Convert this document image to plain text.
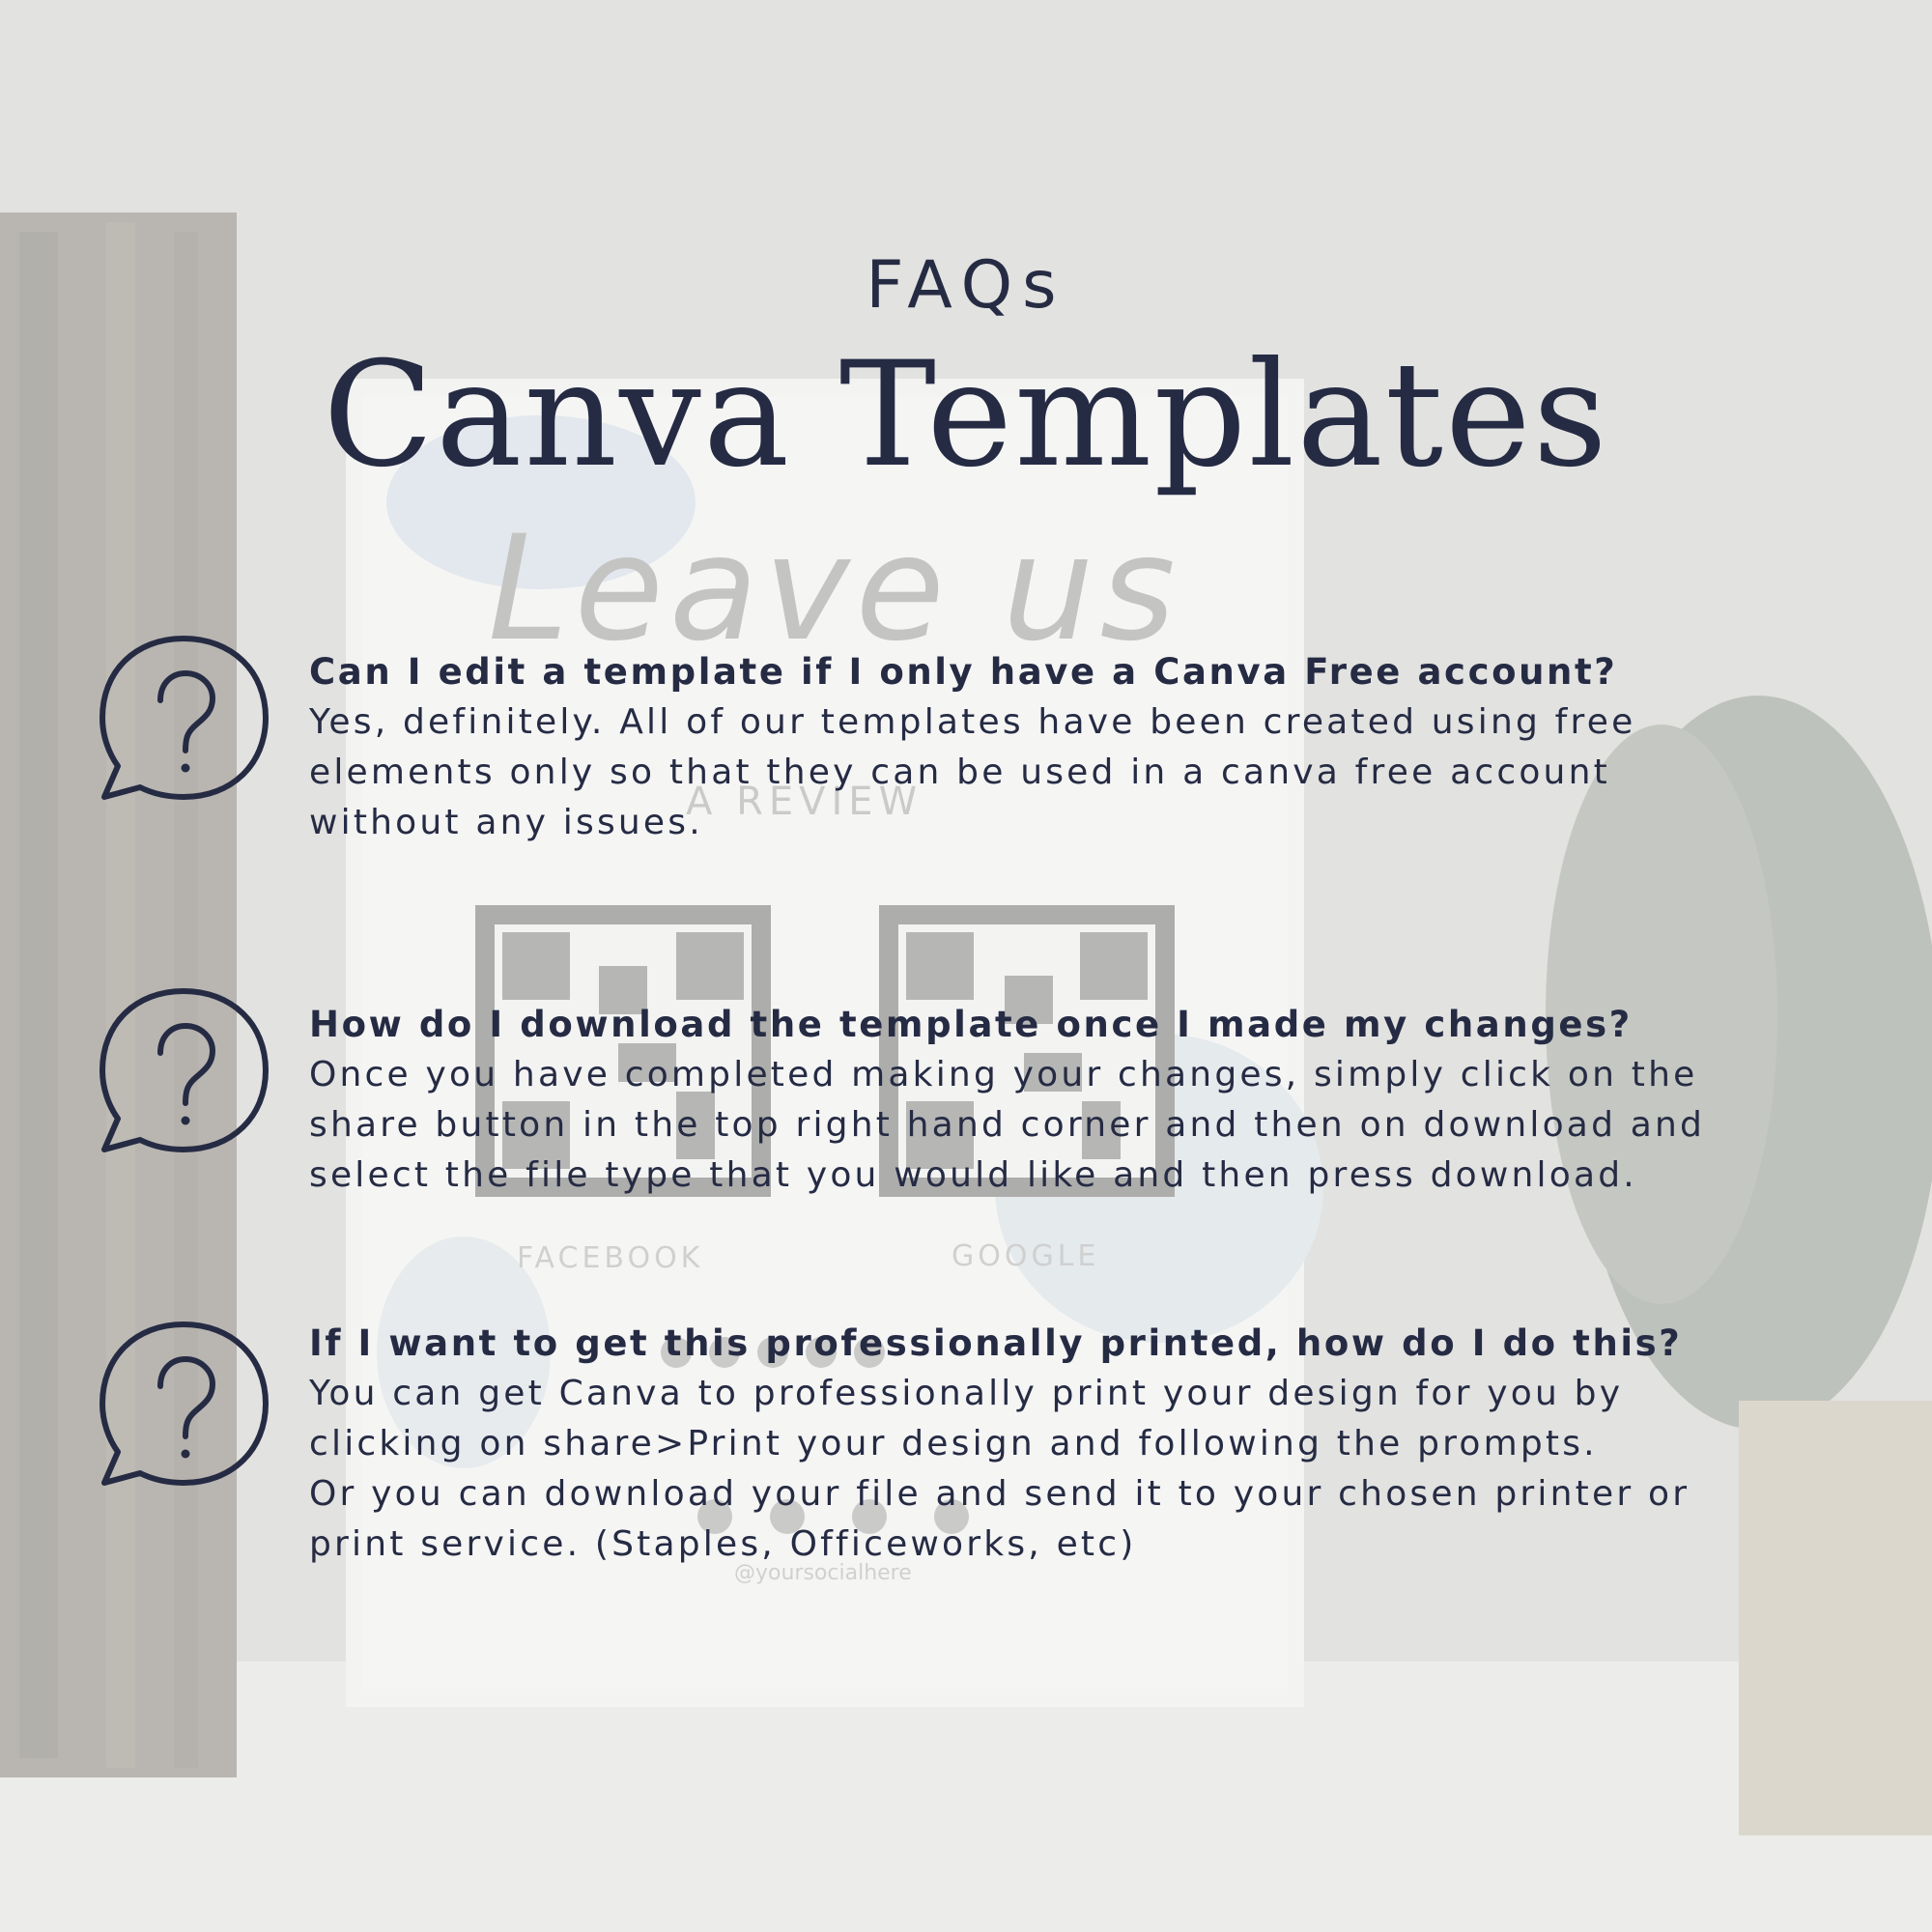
FAQs
Canva Templates
Can I edit a template if I only have a Canva Free account?
Yes, definitely. All of our templates have been created using free
elements only so that they can be used in a canva free account
without any issues.
How do I download the template once I made my changes?
Once you have completed making your changes, simply click on the
share button in the top right hand corner and then on download and
select the file type that you would like and then press download.
If I want to get this professionally printed, how do I do this?
You can get Canva to professionally print your design for you by
clicking on share>Print your design and following the prompts.
Or you can download your file and send it to your chosen printer or
print service. (Staples, Officeworks, etc)
